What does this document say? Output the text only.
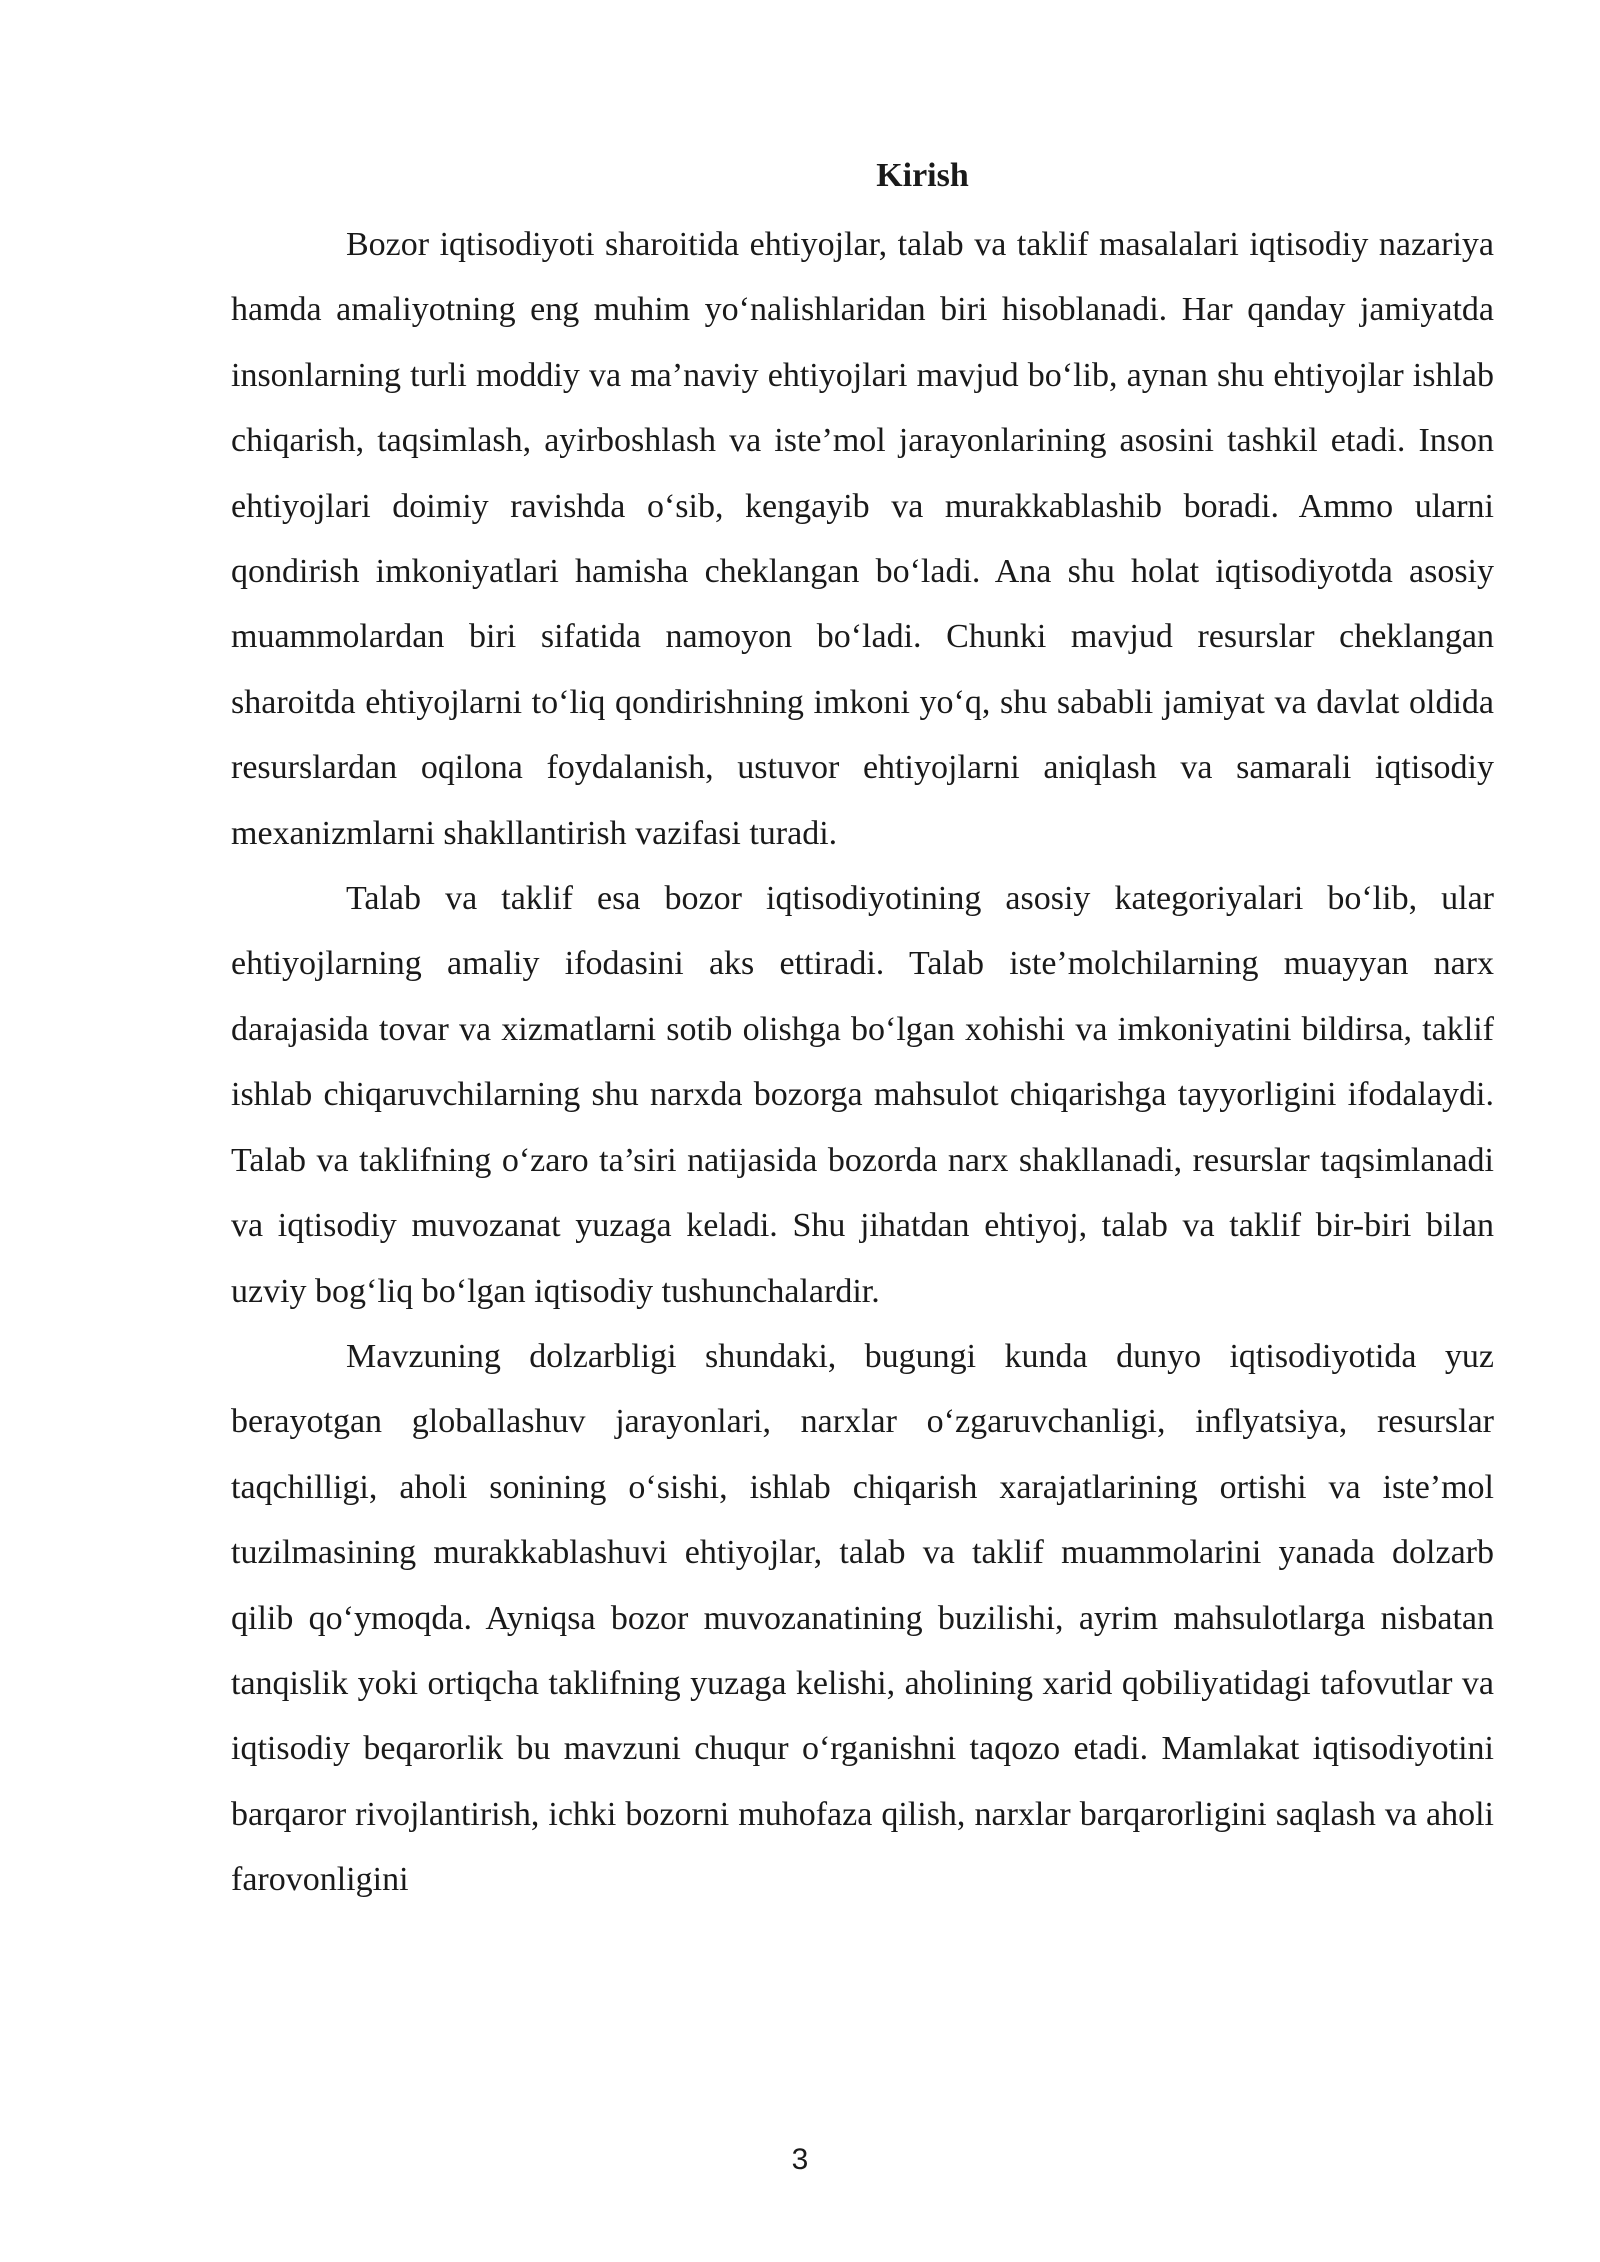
Kirish

Bozor iqtisodiyoti sharoitida ehtiyojlar, talab va taklif masalalari iqtisodiy nazariya hamda amaliyotning eng muhim yo‘nalishlaridan biri hisoblanadi. Har qanday jamiyatda insonlarning turli moddiy va ma’naviy ehtiyojlari mavjud bo‘lib, aynan shu ehtiyojlar ishlab chiqarish, taqsimlash, ayirboshlash va iste’mol jarayonlarining asosini tashkil etadi. Inson ehtiyojlari doimiy ravishda o‘sib, kengayib va murakkablashib boradi. Ammo ularni qondirish imkoniyatlari hamisha cheklangan bo‘ladi. Ana shu holat iqtisodiyotda asosiy muammolardan biri sifatida namoyon bo‘ladi. Chunki mavjud resurslar cheklangan sharoitda ehtiyojlarni to‘liq qondirishning imkoni yo‘q, shu sababli jamiyat va davlat oldida resurslardan oqilona foydalanish, ustuvor ehtiyojlarni aniqlash va samarali iqtisodiy mexanizmlarni shakllantirish vazifasi turadi.

Talab va taklif esa bozor iqtisodiyotining asosiy kategoriyalari bo‘lib, ular ehtiyojlarning amaliy ifodasini aks ettiradi. Talab iste’molchilarning muayyan narx darajasida tovar va xizmatlarni sotib olishga bo‘lgan xohishi va imkoniyatini bildirsa, taklif ishlab chiqaruvchilarning shu narxda bozorga mahsulot chiqarishga tayyorligini ifodalaydi. Talab va taklifning o‘zaro ta’siri natijasida bozorda narx shakllanadi, resurslar taqsimlanadi va iqtisodiy muvozanat yuzaga keladi. Shu jihatdan ehtiyoj, talab va taklif bir-biri bilan uzviy bog‘liq bo‘lgan iqtisodiy tushunchalardir.

Mavzuning dolzarbligi shundaki, bugungi kunda dunyo iqtisodiyotida yuz berayotgan globallashuv jarayonlari, narxlar o‘zgaruvchanligi, inflyatsiya, resurslar taqchilligi, aholi sonining o‘sishi, ishlab chiqarish xarajatlarining ortishi va iste’mol tuzilmasining murakkablashuvi ehtiyojlar, talab va taklif muammolarini yanada dolzarb qilib qo‘ymoqda. Ayniqsa bozor muvozanatining buzilishi, ayrim mahsulotlarga nisbatan tanqislik yoki ortiqcha taklifning yuzaga kelishi, aholining xarid qobiliyatidagi tafovutlar va iqtisodiy beqarorlik bu mavzuni chuqur o‘rganishni taqozo etadi. Mamlakat iqtisodiyotini barqaror rivojlantirish, ichki bozorni muhofaza qilish, narxlar barqarorligini saqlash va aholi farovonligini

3
